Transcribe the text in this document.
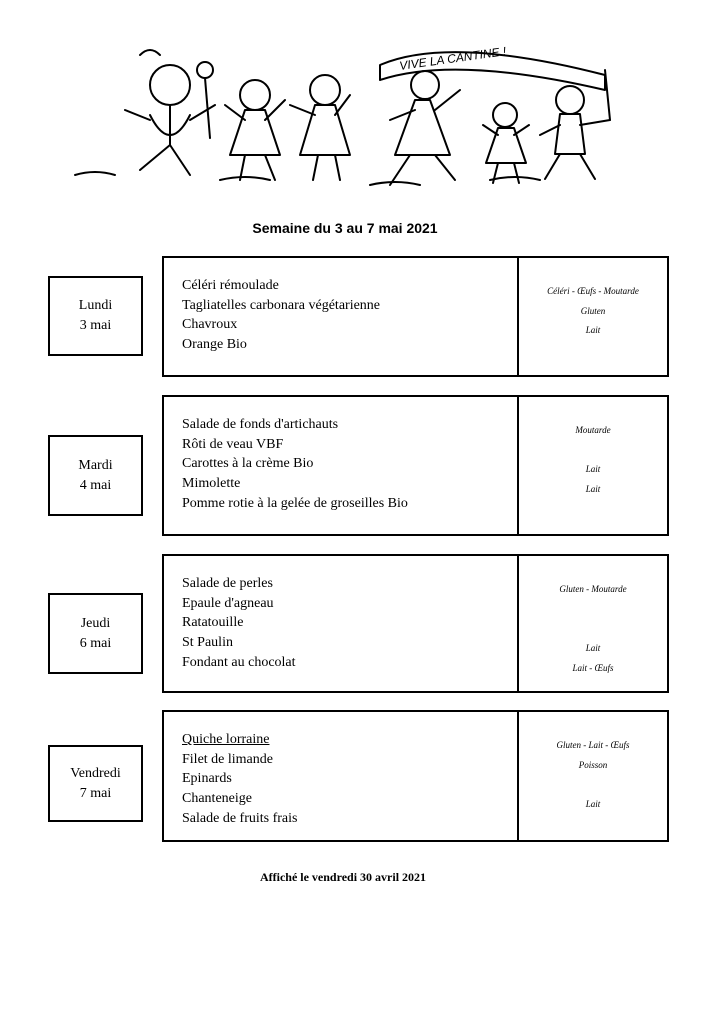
VIVE LA CANTINE !
Semaine du 3 au 7 mai 2021
Lundi
3 mai
Céléri rémoulade
Tagliatelles carbonara végétarienne
Chavroux
Orange Bio
Céléri - Œufs - Moutarde
Gluten
Lait
Mardi
4 mai
Salade de fonds d'artichauts
Rôti de veau VBF
Carottes à la crème Bio
Mimolette
Pomme rotie à la gelée de groseilles Bio
Moutarde
Lait
Lait
Jeudi
6 mai
Salade de perles
Epaule d'agneau
Ratatouille
St Paulin
Fondant au chocolat
Gluten - Moutarde
Lait
Lait - Œufs
Vendredi
7 mai
Quiche lorraine
Filet de limande
Epinards
Chanteneige
Salade de fruits frais
Gluten - Lait - Œufs
Poisson
Lait
Affiché le vendredi 30 avril 2021
